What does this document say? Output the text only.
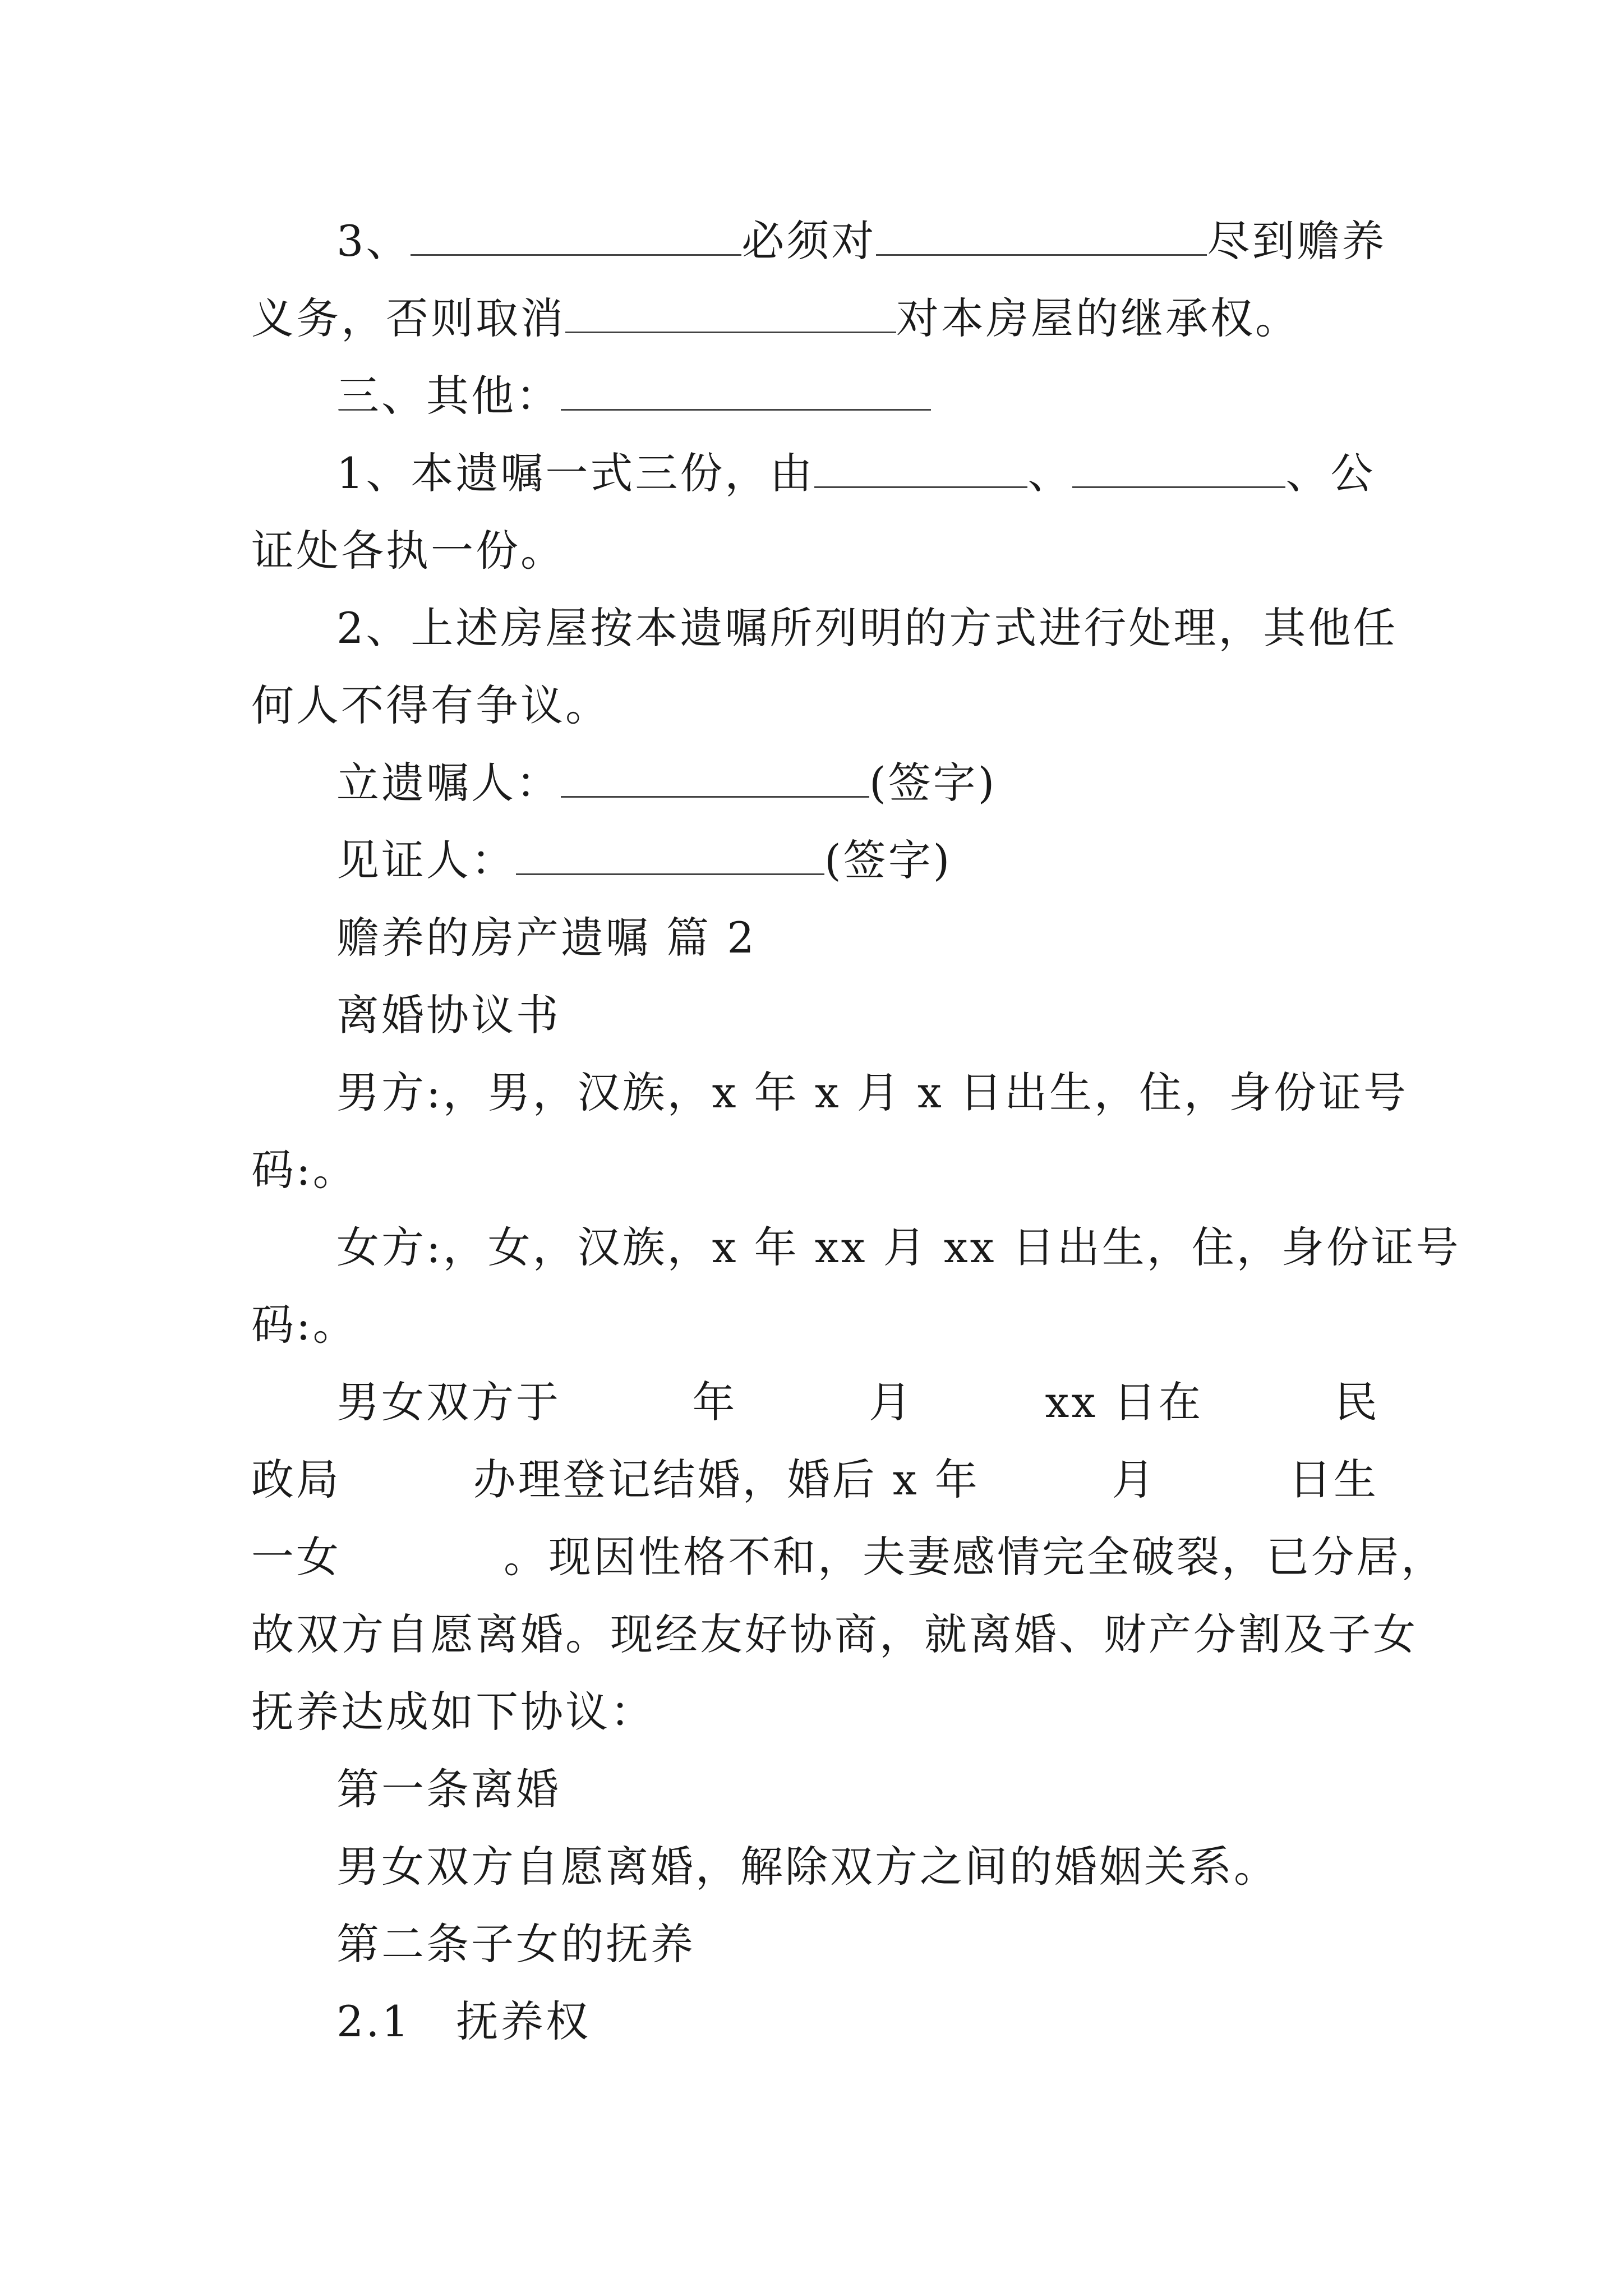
3、	必须对	尽到赡养
义务，否则取消	对本房屋的继承权。
三、其他：
1、本遗嘱一式三份，由	、	、公
证处各执一份。
2、上述房屋按本遗嘱所列明的方式进行处理，其他任
何人不得有争议。
立遗嘱人：	(签字)
见证人：	(签字)
赡养的房产遗嘱 篇 2
离婚协议书
男方:，男，汉族，x 年 x 月 x 日出生，住，身份证号
码:。
女方:，女，汉族，x 年 xx 月 xx 日出生，住，身份证号
码:。
男女双方于	年	月	xx 日在	民
政局	办理登记结婚，婚后 x 年	月	日生
一女	。现因性格不和，夫妻感情完全破裂，已分居，
故双方自愿离婚。现经友好协商，就离婚、财产分割及子女
抚养达成如下协议：
第一条离婚
男女双方自愿离婚，解除双方之间的婚姻关系。
第二条子女的抚养
2.1　抚养权
